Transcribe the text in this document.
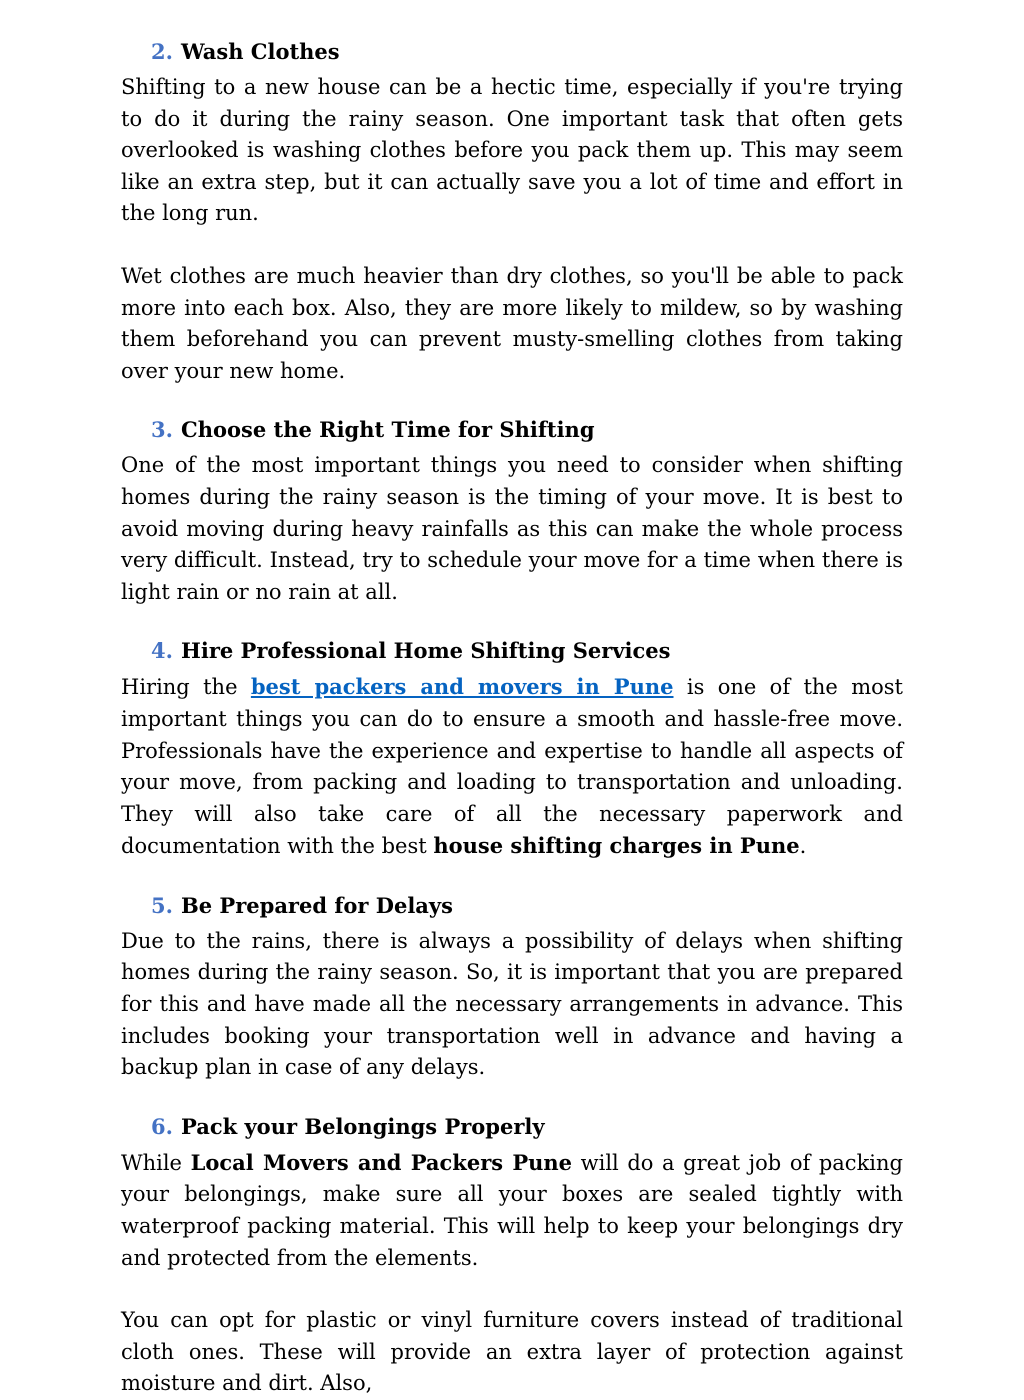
2. Wash Clothes

Shifting to a new house can be a hectic time, especially if you're trying to do it during the rainy season. One important task that often gets overlooked is washing clothes before you pack them up. This may seem like an extra step, but it can actually save you a lot of time and effort in the long run.

Wet clothes are much heavier than dry clothes, so you'll be able to pack more into each box. Also, they are more likely to mildew, so by washing them beforehand you can prevent musty-smelling clothes from taking over your new home.

3. Choose the Right Time for Shifting

One of the most important things you need to consider when shifting homes during the rainy season is the timing of your move. It is best to avoid moving during heavy rainfalls as this can make the whole process very difficult. Instead, try to schedule your move for a time when there is light rain or no rain at all.

4. Hire Professional Home Shifting Services

Hiring the best packers and movers in Pune is one of the most important things you can do to ensure a smooth and hassle-free move. Professionals have the experience and expertise to handle all aspects of your move, from packing and loading to transportation and unloading. They will also take care of all the necessary paperwork and documentation with the best house shifting charges in Pune.

5. Be Prepared for Delays

Due to the rains, there is always a possibility of delays when shifting homes during the rainy season. So, it is important that you are prepared for this and have made all the necessary arrangements in advance. This includes booking your transportation well in advance and having a backup plan in case of any delays.

6. Pack your Belongings Properly

While Local Movers and Packers Pune will do a great job of packing your belongings, make sure all your boxes are sealed tightly with waterproof packing material. This will help to keep your belongings dry and protected from the elements.

You can opt for plastic or vinyl furniture covers instead of traditional cloth ones. These will provide an extra layer of protection against moisture and dirt. Also,
